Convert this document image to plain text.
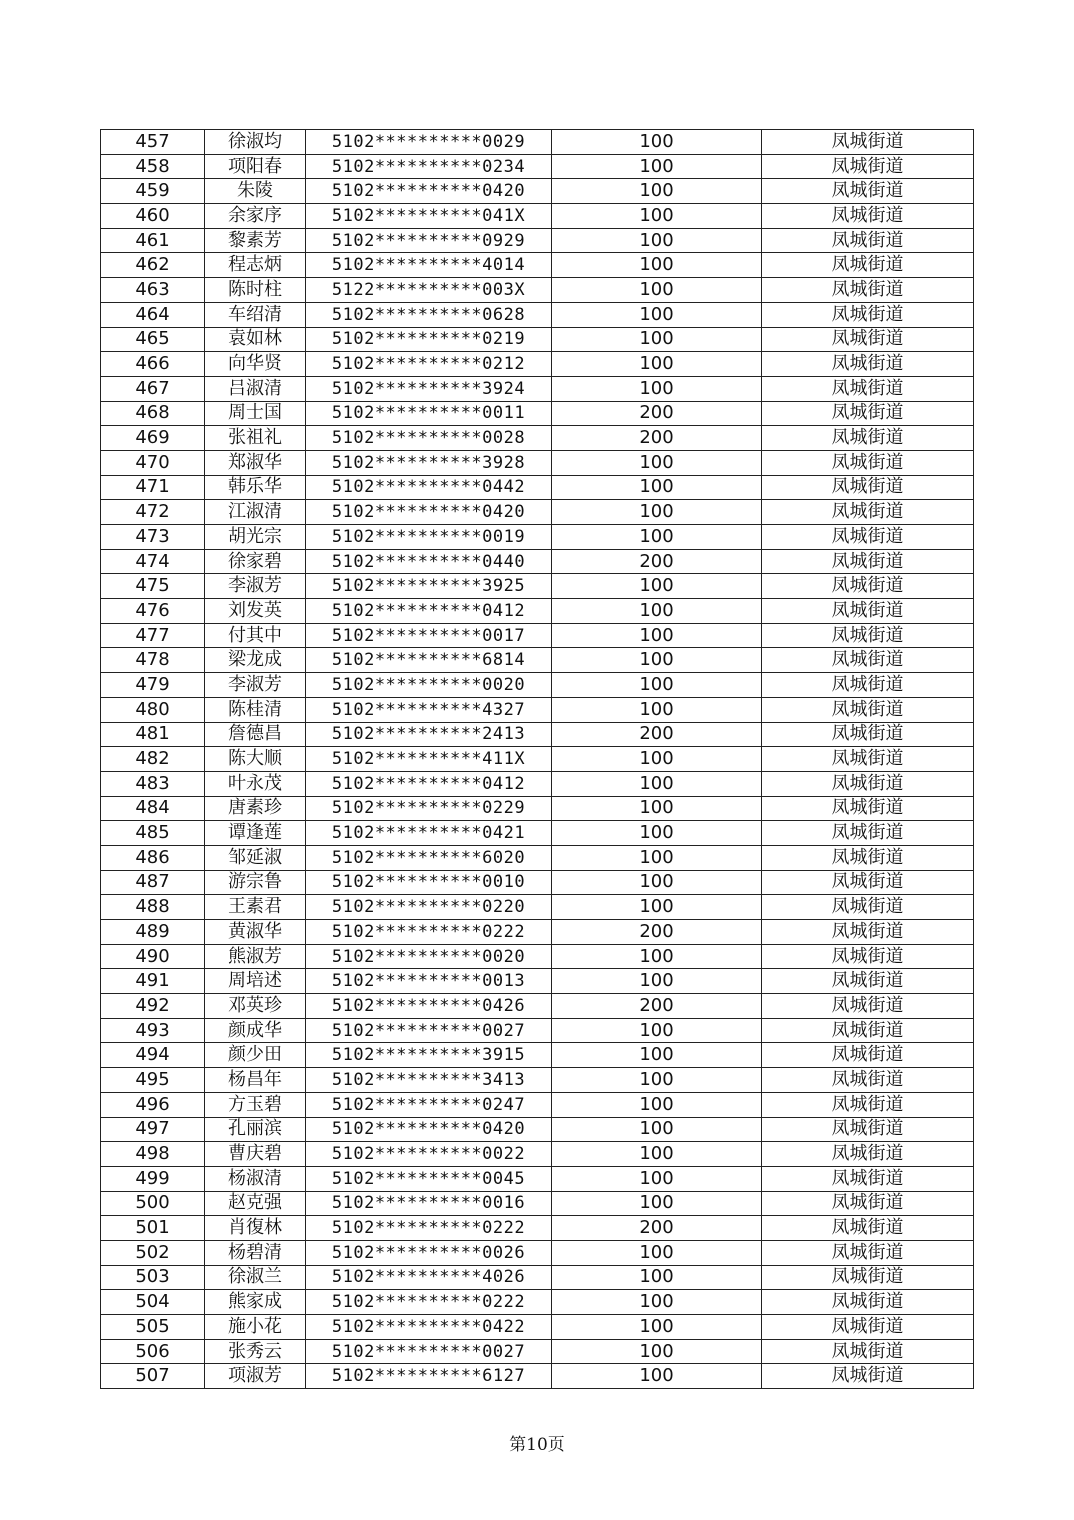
457	徐淑均	5102**********0029	100	凤城街道
458	项阳春	5102**********0234	100	凤城街道
459	朱陵	5102**********0420	100	凤城街道
460	余家序	5102**********041X	100	凤城街道
461	黎素芳	5102**********0929	100	凤城街道
462	程志炳	5102**********4014	100	凤城街道
463	陈时柱	5122**********003X	100	凤城街道
464	车绍清	5102**********0628	100	凤城街道
465	袁如林	5102**********0219	100	凤城街道
466	向华贤	5102**********0212	100	凤城街道
467	吕淑清	5102**********3924	100	凤城街道
468	周士国	5102**********0011	200	凤城街道
469	张祖礼	5102**********0028	200	凤城街道
470	郑淑华	5102**********3928	100	凤城街道
471	韩乐华	5102**********0442	100	凤城街道
472	江淑清	5102**********0420	100	凤城街道
473	胡光宗	5102**********0019	100	凤城街道
474	徐家碧	5102**********0440	200	凤城街道
475	李淑芳	5102**********3925	100	凤城街道
476	刘发英	5102**********0412	100	凤城街道
477	付其中	5102**********0017	100	凤城街道
478	梁龙成	5102**********6814	100	凤城街道
479	李淑芳	5102**********0020	100	凤城街道
480	陈桂清	5102**********4327	100	凤城街道
481	詹德昌	5102**********2413	200	凤城街道
482	陈大顺	5102**********411X	100	凤城街道
483	叶永茂	5102**********0412	100	凤城街道
484	唐素珍	5102**********0229	100	凤城街道
485	谭逢莲	5102**********0421	100	凤城街道
486	邹延淑	5102**********6020	100	凤城街道
487	游宗鲁	5102**********0010	100	凤城街道
488	王素君	5102**********0220	100	凤城街道
489	黄淑华	5102**********0222	200	凤城街道
490	熊淑芳	5102**********0020	100	凤城街道
491	周培述	5102**********0013	100	凤城街道
492	邓英珍	5102**********0426	200	凤城街道
493	颜成华	5102**********0027	100	凤城街道
494	颜少田	5102**********3915	100	凤城街道
495	杨昌年	5102**********3413	100	凤城街道
496	方玉碧	5102**********0247	100	凤城街道
497	孔丽滨	5102**********0420	100	凤城街道
498	曹庆碧	5102**********0022	100	凤城街道
499	杨淑清	5102**********0045	100	凤城街道
500	赵克强	5102**********0016	100	凤城街道
501	肖復林	5102**********0222	200	凤城街道
502	杨碧清	5102**********0026	100	凤城街道
503	徐淑兰	5102**********4026	100	凤城街道
504	熊家成	5102**********0222	100	凤城街道
505	施小花	5102**********0422	100	凤城街道
506	张秀云	5102**********0027	100	凤城街道
507	项淑芳	5102**********6127	100	凤城街道
第10页
